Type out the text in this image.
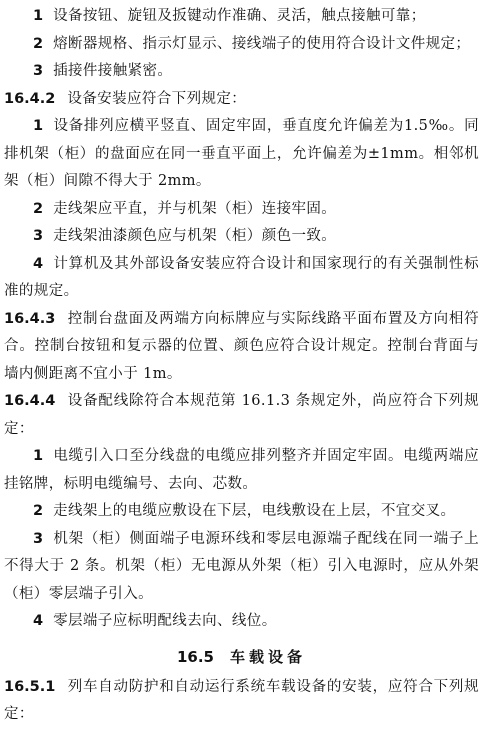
1 设备按钮、旋钮及扳键动作准确、灵活，触点接触可靠；

2 熔断器规格、指示灯显示、接线端子的使用符合设计文件规定；

3 插接件接触紧密。

16.4.2 设备安装应符合下列规定：

1 设备排列应横平竖直、固定牢固，垂直度允许偏差为1.5‰。同排机架（柜）的盘面应在同一垂直平面上，允许偏差为±1mm。相邻机架（柜）间隙不得大于 2mm。

2 走线架应平直，并与机架（柜）连接牢固。

3 走线架油漆颜色应与机架（柜）颜色一致。

4 计算机及其外部设备安装应符合设计和国家现行的有关强制性标准的规定。

16.4.3 控制台盘面及两端方向标牌应与实际线路平面布置及方向相符合。控制台按钮和复示器的位置、颜色应符合设计规定。控制台背面与墙内侧距离不宜小于 1m。

16.4.4 设备配线除符合本规范第 16.1.3 条规定外，尚应符合下列规定：

1 电缆引入口至分线盘的电缆应排列整齐并固定牢固。电缆两端应挂铭牌，标明电缆编号、去向、芯数。

2 走线架上的电缆应敷设在下层，电线敷设在上层，不宜交叉。

3 机架（柜）侧面端子电源环线和零层电源端子配线在同一端子上不得大于 2 条。机架（柜）无电源从外架（柜）引入电源时，应从外架（柜）零层端子引入。

4 零层端子应标明配线去向、线位。

16.5 车载设备

16.5.1 列车自动防护和自动运行系统车载设备的安装，应符合下列规定：
